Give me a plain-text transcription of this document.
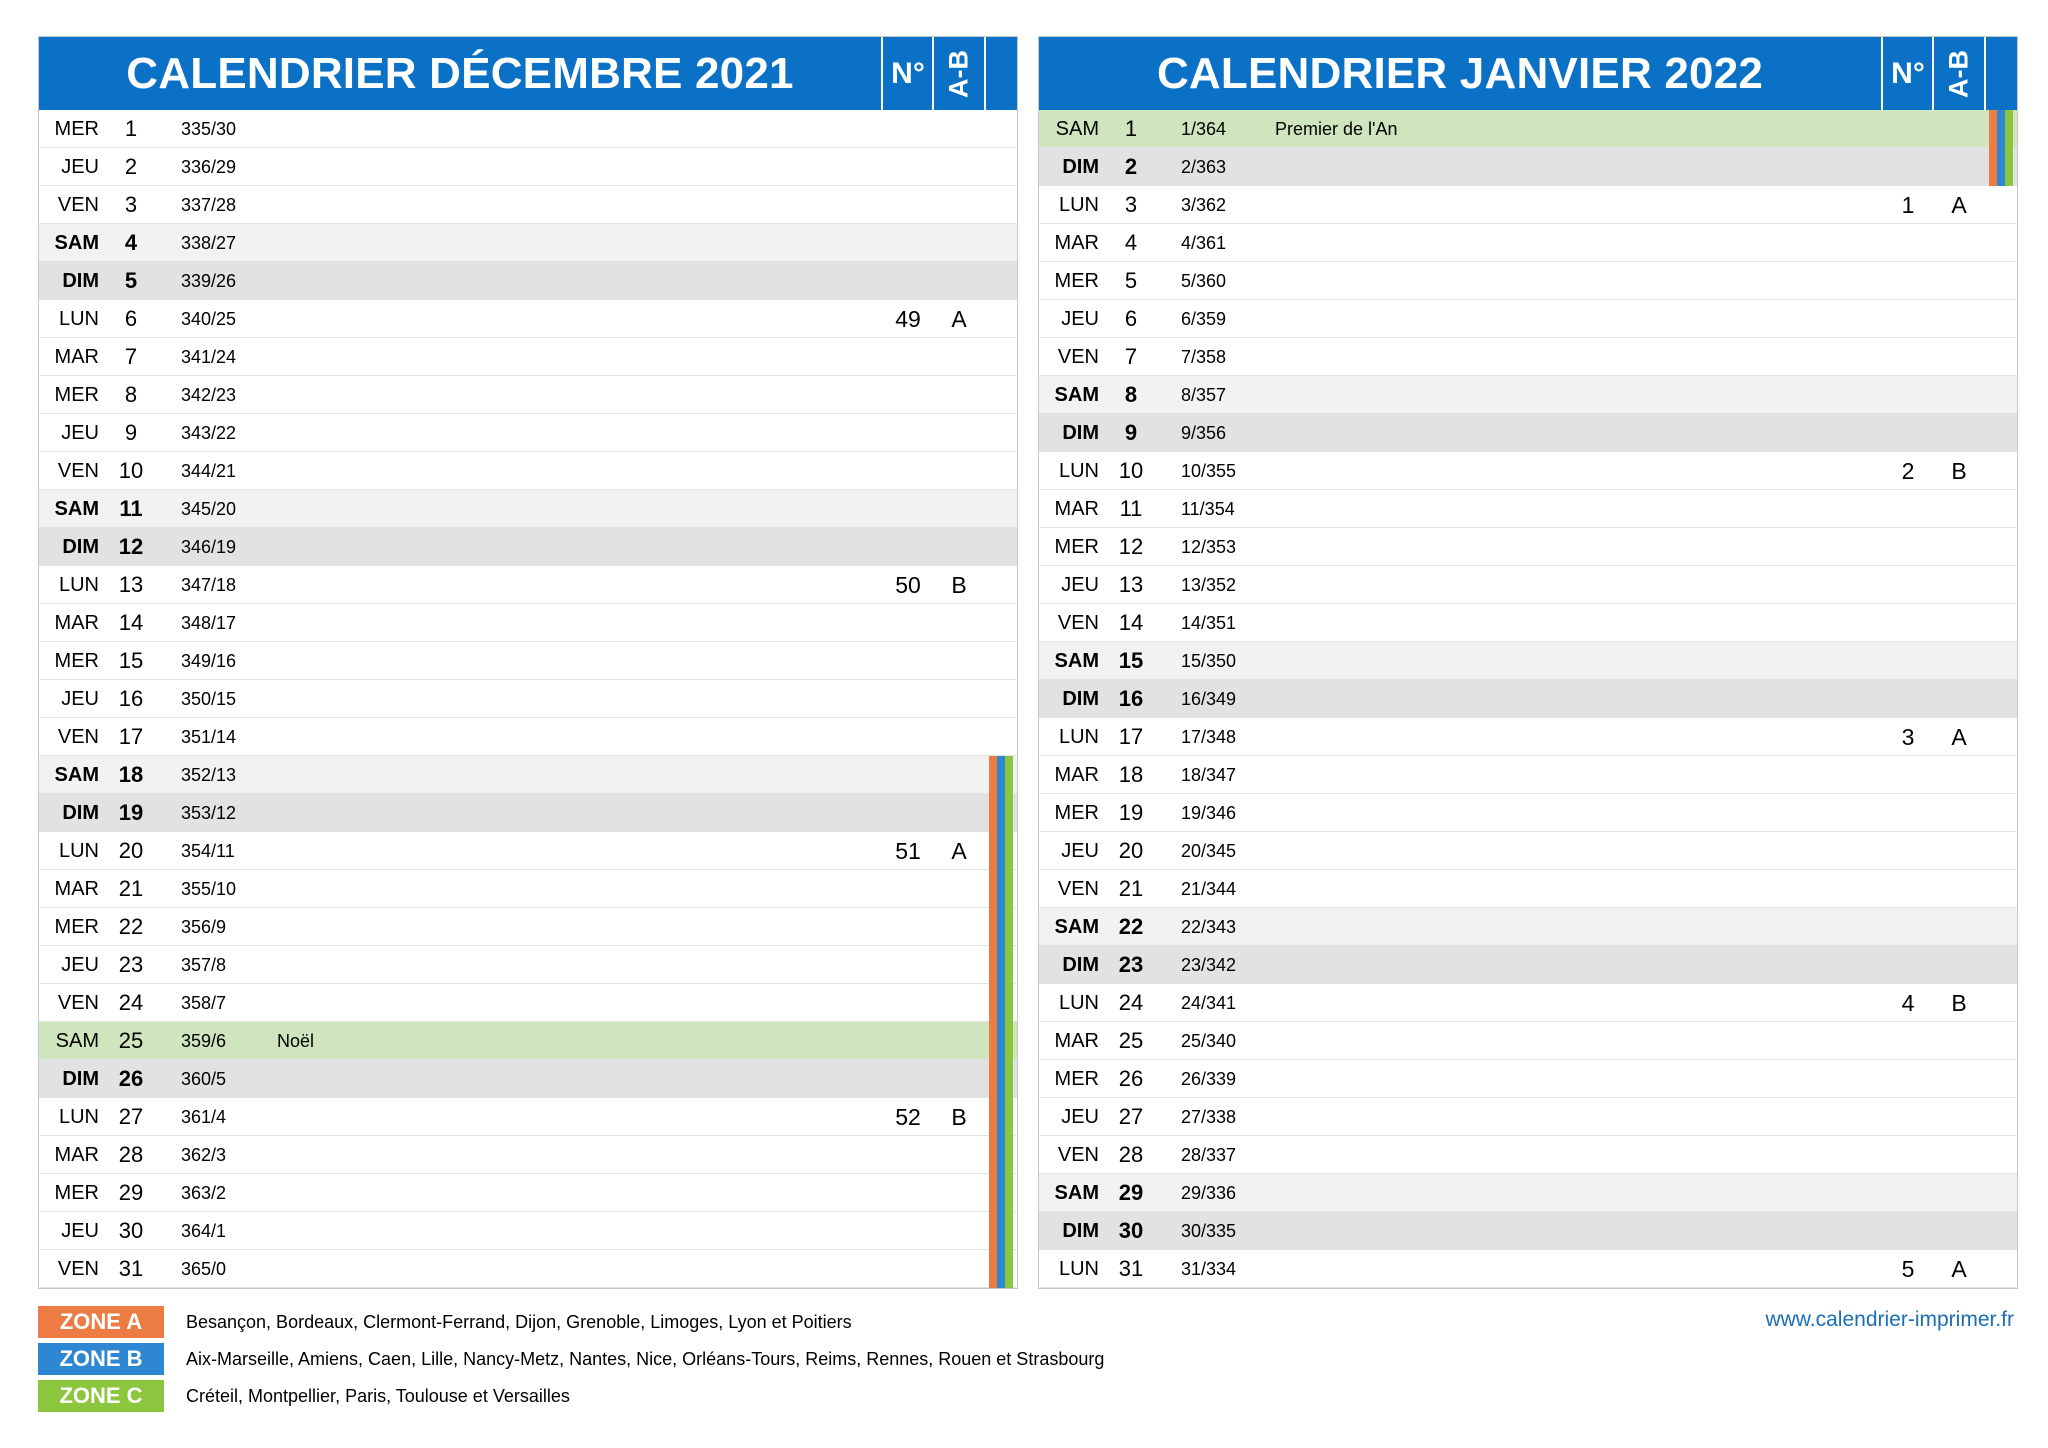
CALENDRIER DÉCEMBRE 2021	N° A-B
MER	1	335/30
JEU	2	336/29
VEN	3	337/28
SAM	4	338/27
DIM	5	339/26
LUN	6	340/25	49	A
MAR	7	341/24
MER	8	342/23
JEU	9	343/22
VEN 10	344/21
SAM 11	345/20
DIM 12	346/19
LUN 13	347/18	50	B
MAR 14	348/17
MER 15	349/16
JEU 16	350/15
VEN 17	351/14
SAM 18	352/13
DIM 19	353/12
LUN 20	354/11	51	A
MAR 21	355/10
MER 22	356/9
JEU 23	357/8
VEN 24	358/7
SAM 25	359/6	Noël
DIM 26	360/5
LUN 27	361/4	52	B
MAR 28	362/3
MER 29	363/2
JEU 30	364/1
VEN 31	365/0
CALENDRIER JANVIER 2022	N° A-B
SAM	1	1/364	Premier de l'An
DIM	2	2/363
LUN	3	3/362	1	A
MAR	4	4/361
MER	5	5/360
JEU	6	6/359
VEN	7	7/358
SAM	8	8/357
DIM	9	9/356
LUN 10	10/355	2	B
MAR 11	11/354
MER 12	12/353
JEU 13	13/352
VEN 14	14/351
SAM 15	15/350
DIM 16	16/349
LUN 17	17/348	3	A
MAR 18	18/347
MER 19	19/346
JEU 20	20/345
VEN 21	21/344
SAM 22	22/343
DIM 23	23/342
LUN 24	24/341	4	B
MAR 25	25/340
MER 26	26/339
JEU 27	27/338
VEN 28	28/337
SAM 29	29/336
DIM 30	30/335
LUN 31	31/334	5	A
ZONE A	Besançon, Bordeaux, Clermont-Ferrand, Dijon, Grenoble, Limoges, Lyon et Poitiers
ZONE B	Aix-Marseille, Amiens, Caen, Lille, Nancy-Metz, Nantes, Nice, Orléans-Tours, Reims, Rennes, Rouen et Strasbourg
ZONE C	Créteil, Montpellier, Paris, Toulouse et Versailles
www.calendrier-imprimer.fr
